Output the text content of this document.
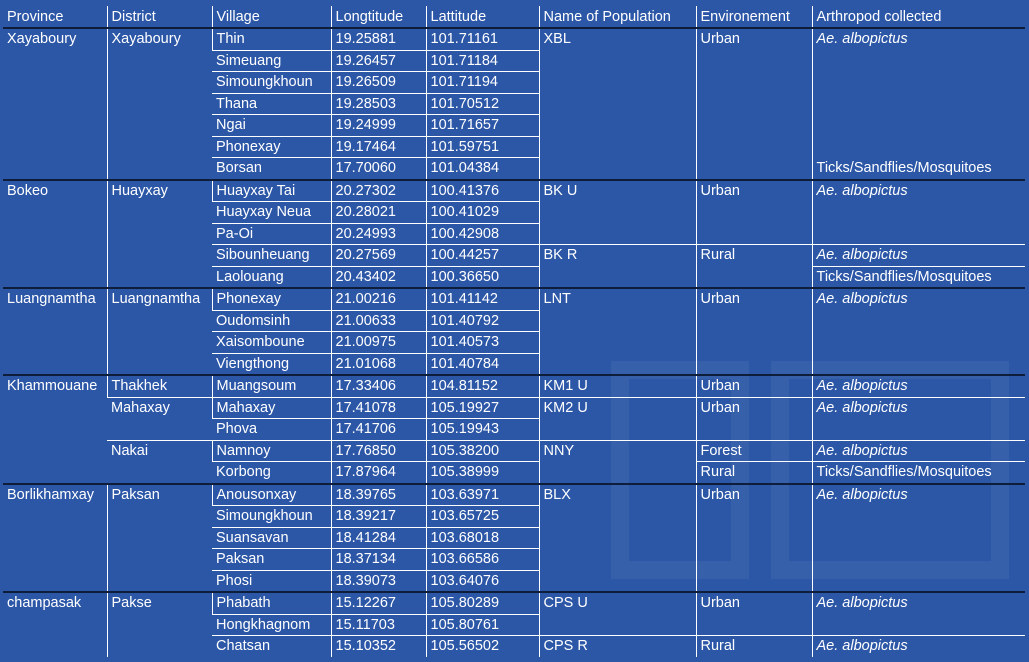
Province	District	Village	Longtitude	Lattitude	Name of Population	Environement	Arthropod collected
Xayaboury	Xayaboury	Thin	19.25881	101.71161	XBL	Urban	Ae. albopictus
		Simeuang	19.26457	101.71184			
		Simoungkhoun	19.26509	101.71194			
		Thana	19.28503	101.70512			
		Ngai	19.24999	101.71657			
		Phonexay	19.17464	101.59751			
		Borsan	17.70060	101.04384			Ticks/Sandflies/Mosquitoes
Bokeo	Huayxay	Huayxay Tai	20.27302	100.41376	BK U	Urban	Ae. albopictus
		Huayxay Neua	20.28021	100.41029			
		Pa-Oi	20.24993	100.42908			
		Sibounheuang	20.27569	100.44257	BK R	Rural	Ae. albopictus
		Laolouang	20.43402	100.36650			Ticks/Sandflies/Mosquitoes
Luangnamtha	Luangnamtha	Phonexay	21.00216	101.41142	LNT	Urban	Ae. albopictus
		Oudomsinh	21.00633	101.40792			
		Xaisomboune	21.00975	101.40573			
		Viengthong	21.01068	101.40784			
Khammouane	Thakhek	Muangsoum	17.33406	104.81152	KM1 U	Urban	Ae. albopictus
	Mahaxay	Mahaxay	17.41078	105.19927	KM2 U	Urban	Ae. albopictus
		Phova	17.41706	105.19943			
	Nakai	Namnoy	17.76850	105.38200	NNY	Forest	Ae. albopictus
		Korbong	17.87964	105.38999		Rural	Ticks/Sandflies/Mosquitoes
Borlikhamxay	Paksan	Anousonxay	18.39765	103.63971	BLX	Urban	Ae. albopictus
		Simoungkhoun	18.39217	103.65725			
		Suansavan	18.41284	103.68018			
		Paksan	18.37134	103.66586			
		Phosi	18.39073	103.64076			
champasak	Pakse	Phabath	15.12267	105.80289	CPS U	Urban	Ae. albopictus
		Hongkhagnom	15.11703	105.80761			
		Chatsan	15.10352	105.56502	CPS R	Rural	Ae. albopictus
